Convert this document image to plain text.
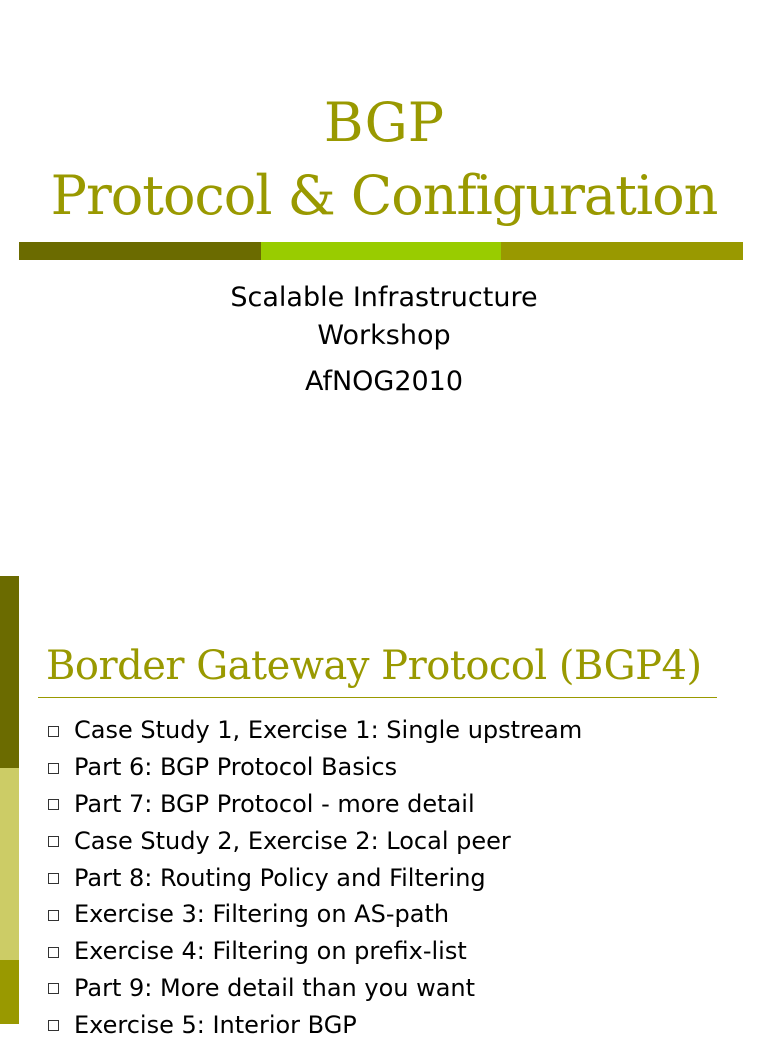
BGP
Protocol & Configuration
Scalable Infrastructure
Workshop
AfNOG2010
Border Gateway Protocol (BGP4)
Case Study 1, Exercise 1: Single upstream
Part 6: BGP Protocol Basics
Part 7: BGP Protocol - more detail
Case Study 2, Exercise 2: Local peer
Part 8: Routing Policy and Filtering
Exercise 3: Filtering on AS-path
Exercise 4: Filtering on prefix-list
Part 9: More detail than you want
Exercise 5: Interior BGP
